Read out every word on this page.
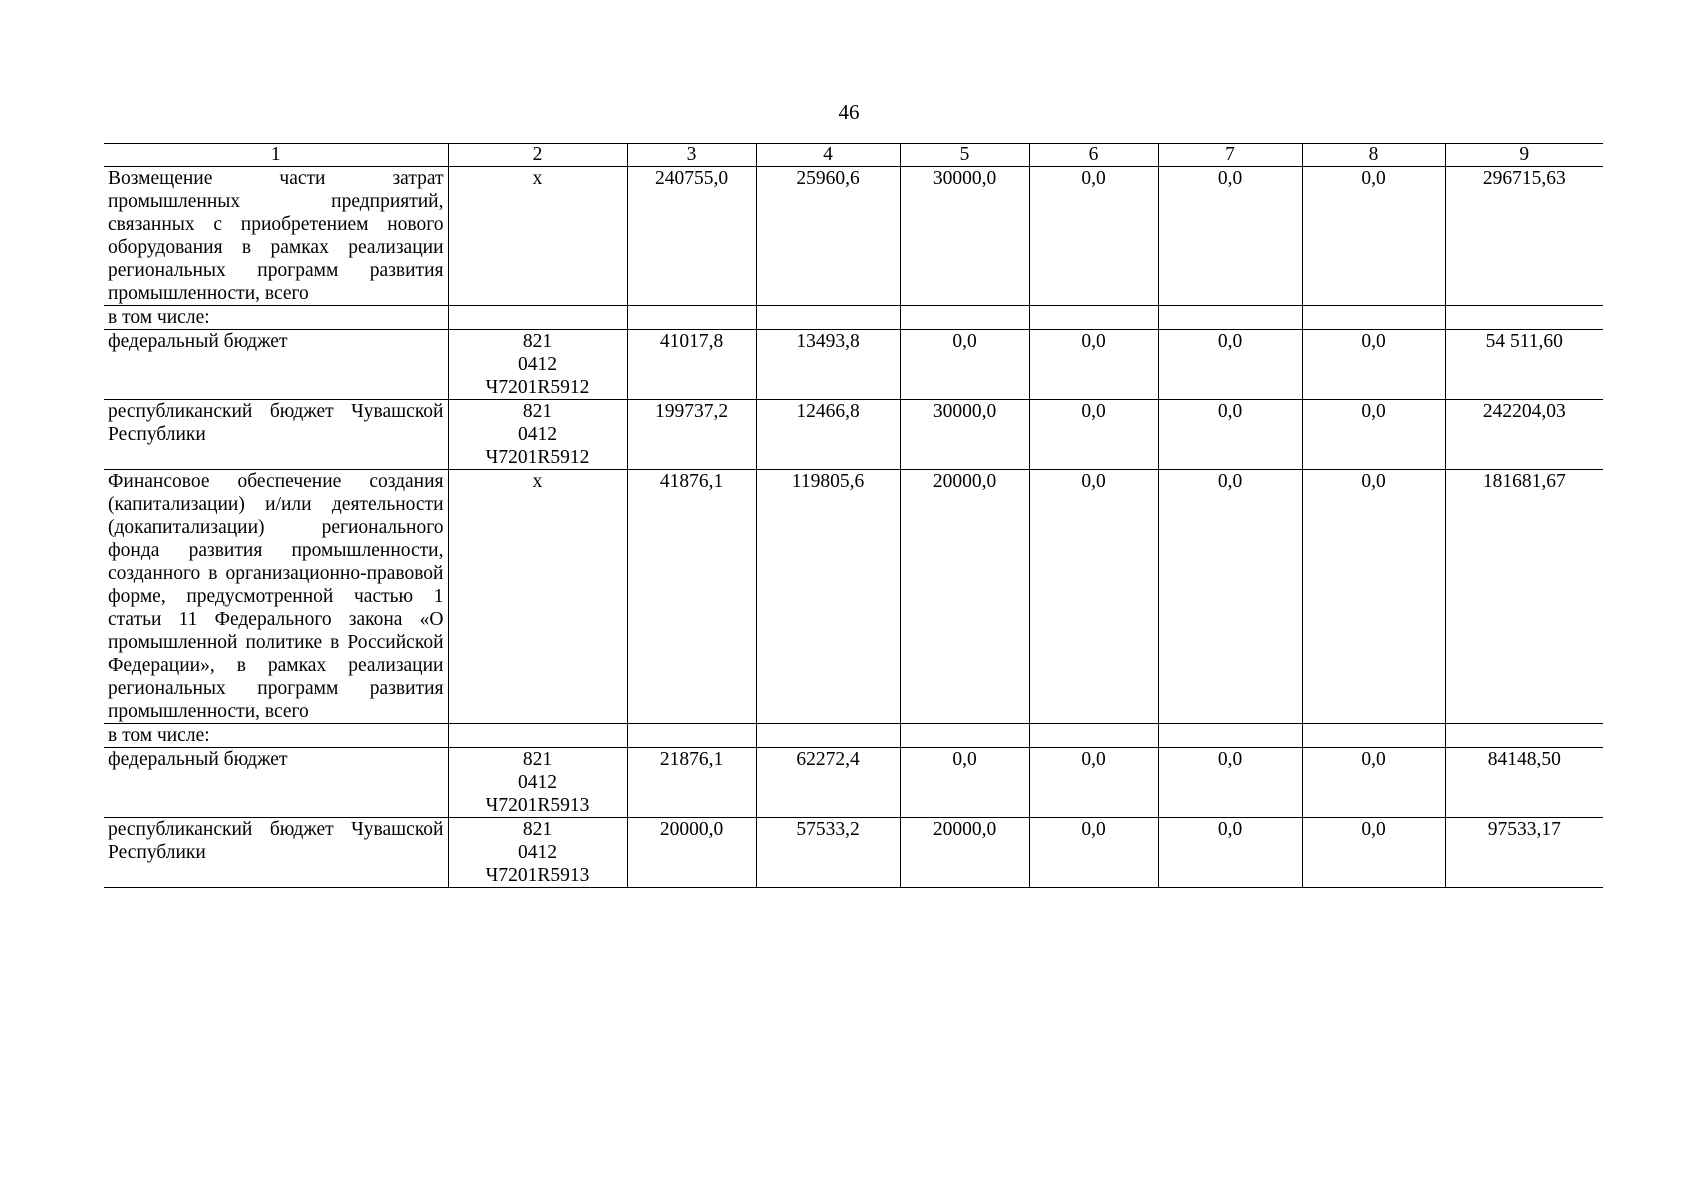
46
1	2	3	4	5	6	7	8	9
Возмещение части затрат промышленных предприятий, связанных с приобретением нового оборудования в рамках реализации региональных программ развития промышленности, всего	х	240755,0	25960,6	30000,0	0,0	0,0	0,0	296715,63
в том числе:								
федеральный бюджет	821
0412
Ч7201R5912	41017,8	13493,8	0,0	0,0	0,0	0,0	54 511,60
республиканский бюджет Чувашской Республики	821
0412
Ч7201R5912	199737,2	12466,8	30000,0	0,0	0,0	0,0	242204,03
Финансовое обеспечение создания (капитализации) и/или деятельности (докапитализации) регионального фонда развития промышленности, созданного в организационно-правовой форме, предусмотренной частью 1 статьи 11 Федерального закона «О промышленной политике в Российской Федерации», в рамках реализации региональных программ развития промышленности, всего	х	41876,1	119805,6	20000,0	0,0	0,0	0,0	181681,67
в том числе:								
федеральный бюджет	821
0412
Ч7201R5913	21876,1	62272,4	0,0	0,0	0,0	0,0	84148,50
республиканский бюджет Чувашской Республики	821
0412
Ч7201R5913	20000,0	57533,2	20000,0	0,0	0,0	0,0	97533,17
